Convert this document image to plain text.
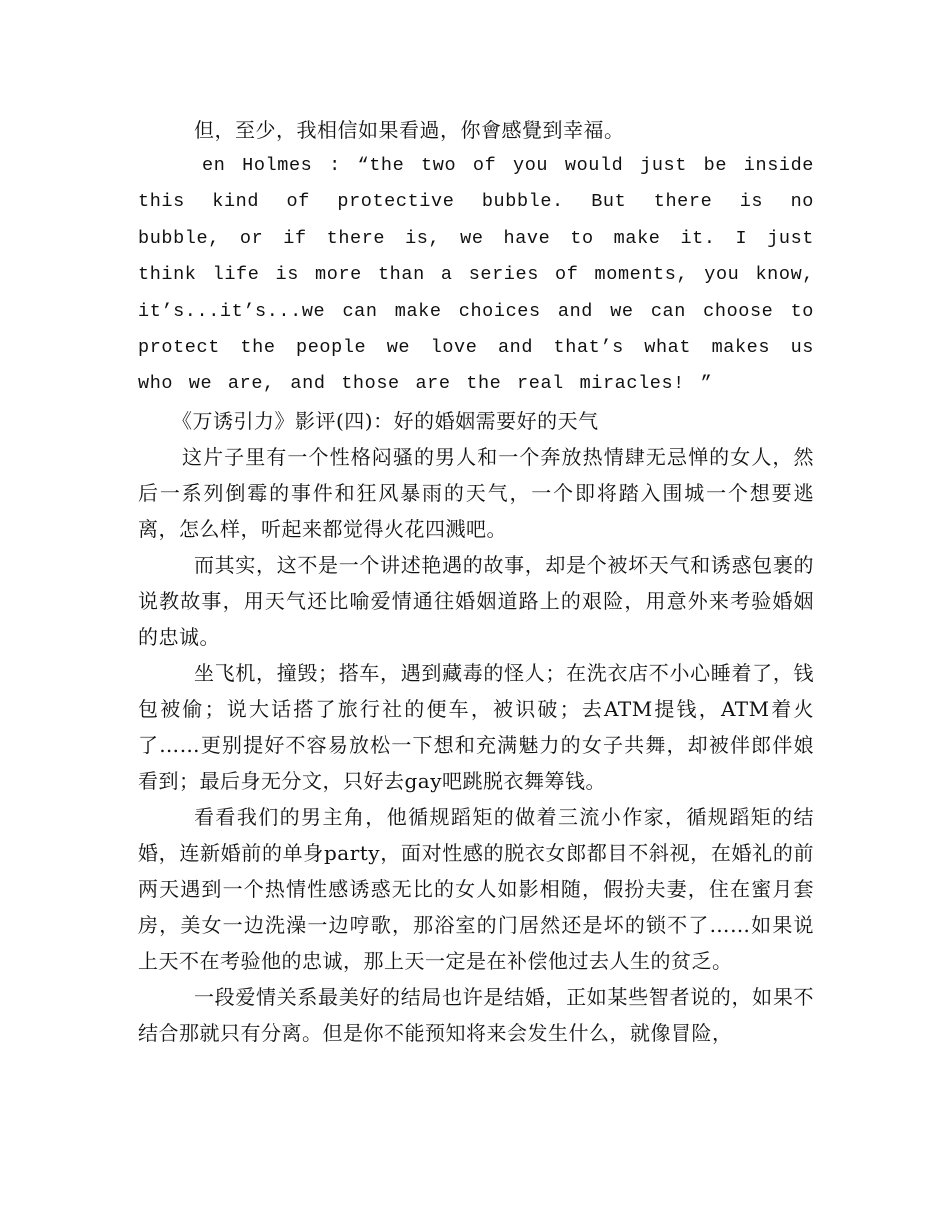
但，至少，我相信如果看過，你會感覺到幸福。

en Holmes : “the two of you would just be inside this kind of protective bubble. But there is no bubble, or if there is, we have to make it. I just think life is more than a series of moments, you know, it’s...it’s...we can make choices and we can choose to protect the people we love and that’s what makes us who we are, and those are the real miracles! ”

《万诱引力》影评(四)：好的婚姻需要好的天气

这片子里有一个性格闷骚的男人和一个奔放热情肆无忌惮的女人，然后一系列倒霉的事件和狂风暴雨的天气，一个即将踏入围城一个想要逃离，怎么样，听起来都觉得火花四溅吧。

而其实，这不是一个讲述艳遇的故事，却是个被坏天气和诱惑包裹的说教故事，用天气还比喻爱情通往婚姻道路上的艰险，用意外来考验婚姻的忠诚。

坐飞机，撞毁；搭车，遇到藏毒的怪人；在洗衣店不小心睡着了，钱包被偷；说大话搭了旅行社的便车，被识破；去ATM提钱，ATM着火了……更别提好不容易放松一下想和充满魅力的女子共舞，却被伴郎伴娘看到；最后身无分文，只好去gay吧跳脱衣舞筹钱。

看看我们的男主角，他循规蹈矩的做着三流小作家，循规蹈矩的结婚，连新婚前的单身party，面对性感的脱衣女郎都目不斜视，在婚礼的前两天遇到一个热情性感诱惑无比的女人如影相随，假扮夫妻，住在蜜月套房，美女一边洗澡一边哼歌，那浴室的门居然还是坏的锁不了……如果说上天不在考验他的忠诚，那上天一定是在补偿他过去人生的贫乏。

一段爱情关系最美好的结局也许是结婚，正如某些智者说的，如果不结合那就只有分离。但是你不能预知将来会发生什么，就像冒险，
